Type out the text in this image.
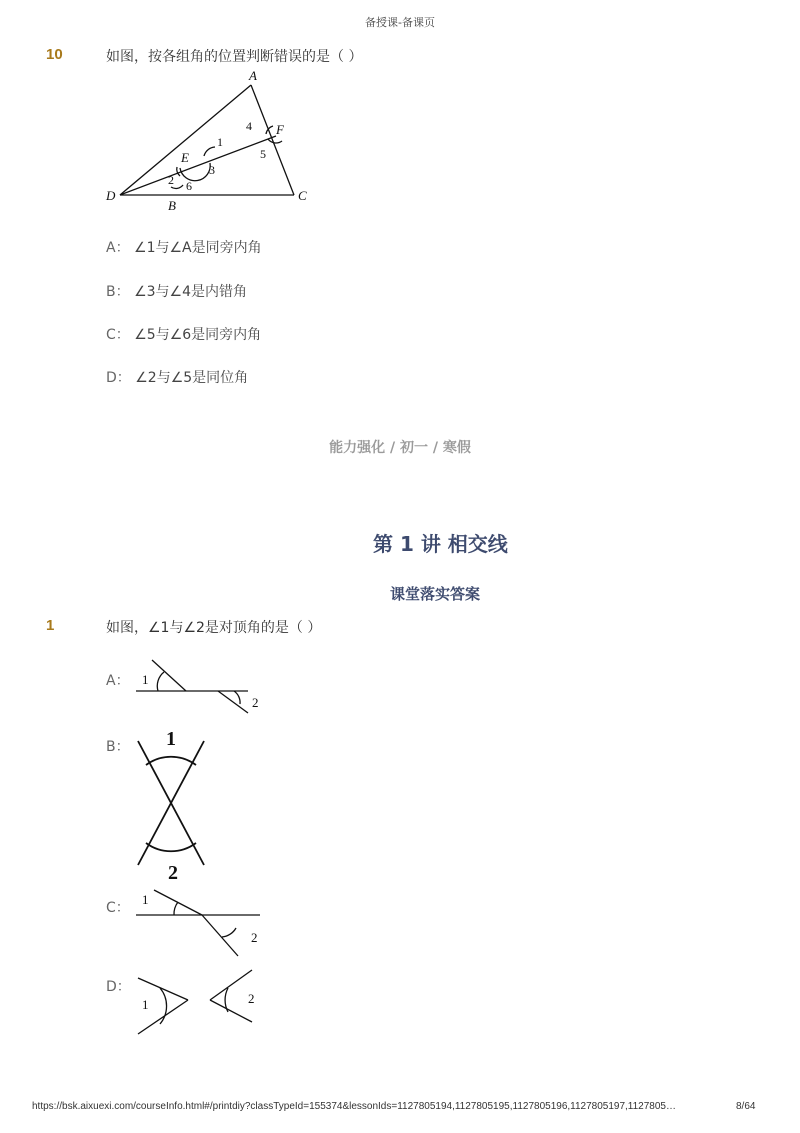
备授课-备课页
10	如图，按各组角的位置判断错误的是（ ）
A
D
B
C
E
F
1
2
3
4
5
6
A： ∠1与∠A是同旁内角
B： ∠3与∠4是内错角
C： ∠5与∠6是同旁内角
D： ∠2与∠5是同位角
能力强化 / 初一 / 寒假
第 1 讲 相交线
课堂落实答案
1	如图，∠1与∠2是对顶角的是（ ）
A： 1
2
B： 1
2
C：
1
2
D：
1	2
https://bsk.aixuexi.com/courseInfo.html#/printdiy?classTypeId=155374&lessonIds=1127805194,1127805195,1127805196,1127805197,1127805…	8/64
